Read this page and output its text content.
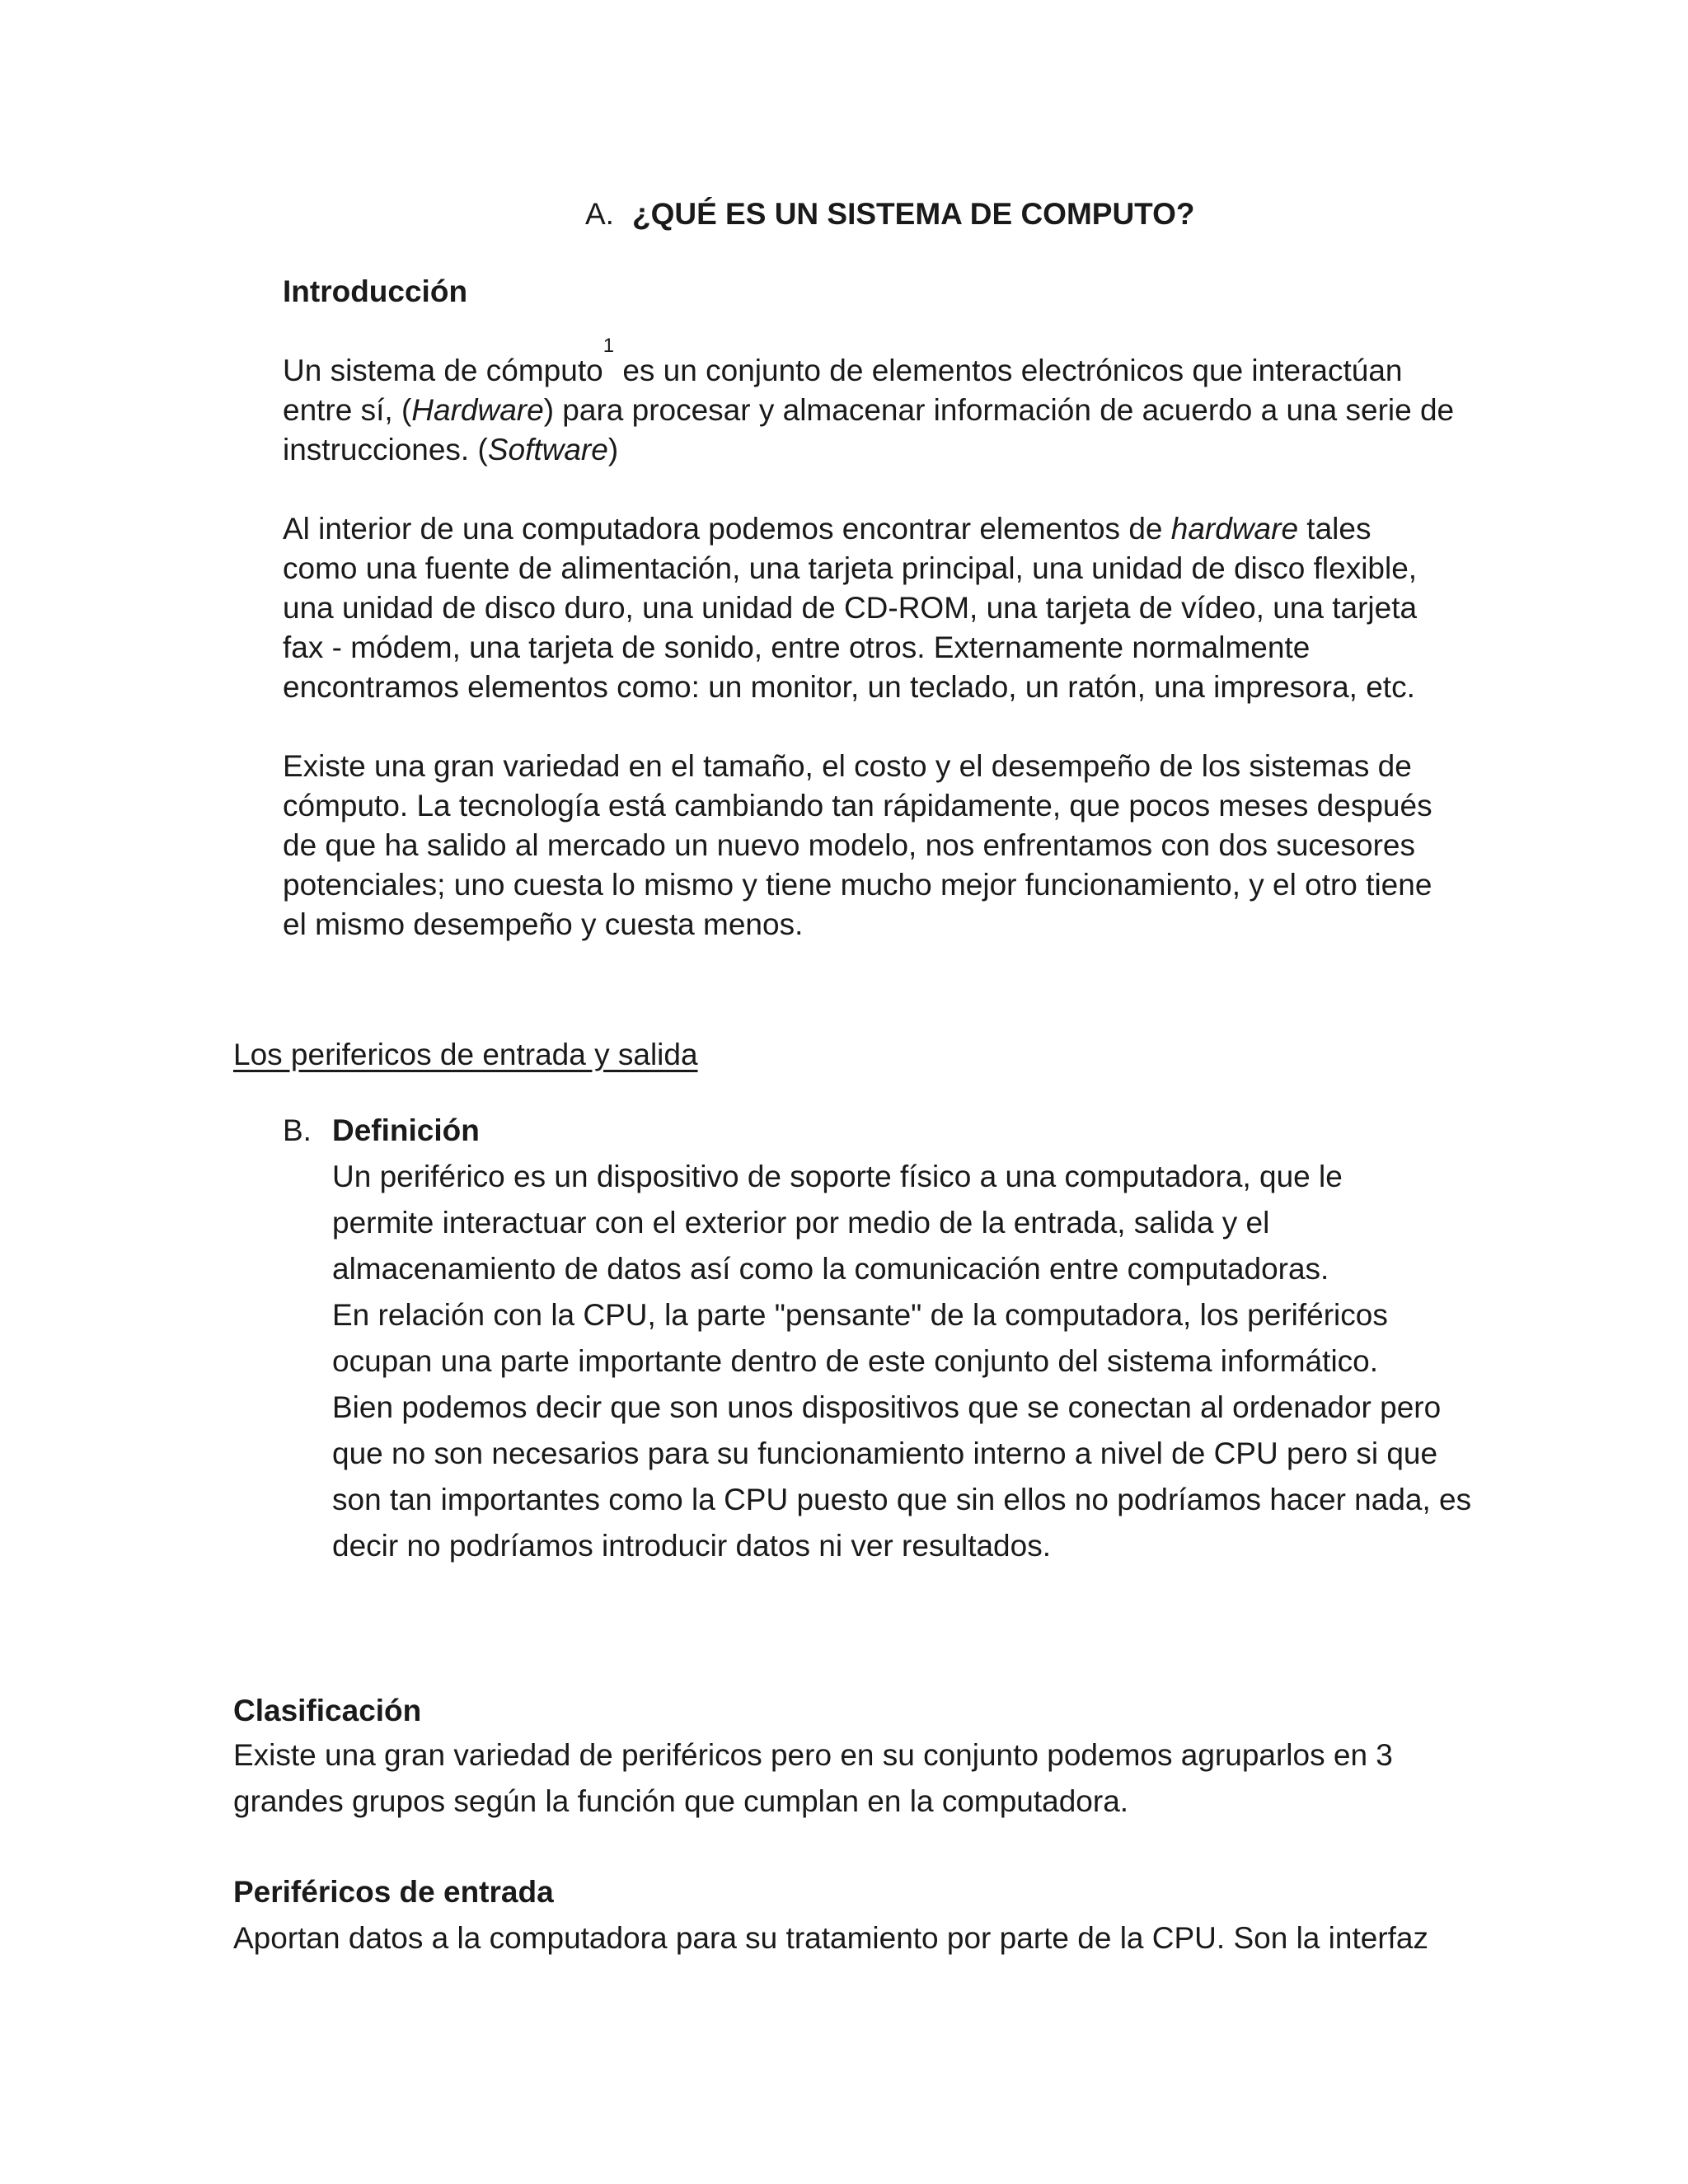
A. ¿QUÉ ES UN SISTEMA DE COMPUTO?
Introducción
Un sistema de cómputo$^1$ es un conjunto de elementos electrónicos que interactúan
entre sí, (Hardware) para procesar y almacenar información de acuerdo a una serie de
instrucciones. (Software)
Al interior de una computadora podemos encontrar elementos de hardware tales
como una fuente de alimentación, una tarjeta principal, una unidad de disco flexible,
una unidad de disco duro, una unidad de CD-ROM, una tarjeta de vídeo, una tarjeta
fax - módem, una tarjeta de sonido, entre otros. Externamente normalmente
encontramos elementos como: un monitor, un teclado, un ratón, una impresora, etc.
Existe una gran variedad en el tamaño, el costo y el desempeño de los sistemas de
cómputo. La tecnología está cambiando tan rápidamente, que pocos meses después
de que ha salido al mercado un nuevo modelo, nos enfrentamos con dos sucesores
potenciales; uno cuesta lo mismo y tiene mucho mejor funcionamiento, y el otro tiene
el mismo desempeño y cuesta menos.
Los perifericos de entrada y salida
B. Definición
Un periférico es un dispositivo de soporte físico a una computadora, que le
permite interactuar con el exterior por medio de la entrada, salida y el
almacenamiento de datos así como la comunicación entre computadoras.
En relación con la CPU, la parte "pensante" de la computadora, los periféricos
ocupan una parte importante dentro de este conjunto del sistema informático.
Bien podemos decir que son unos dispositivos que se conectan al ordenador pero
que no son necesarios para su funcionamiento interno a nivel de CPU pero si que
son tan importantes como la CPU puesto que sin ellos no podríamos hacer nada, es
decir no podríamos introducir datos ni ver resultados.
Clasificación
Existe una gran variedad de periféricos pero en su conjunto podemos agruparlos en 3
grandes grupos según la función que cumplan en la computadora.
Periféricos de entrada
Aportan datos a la computadora para su tratamiento por parte de la CPU. Son la interfaz
